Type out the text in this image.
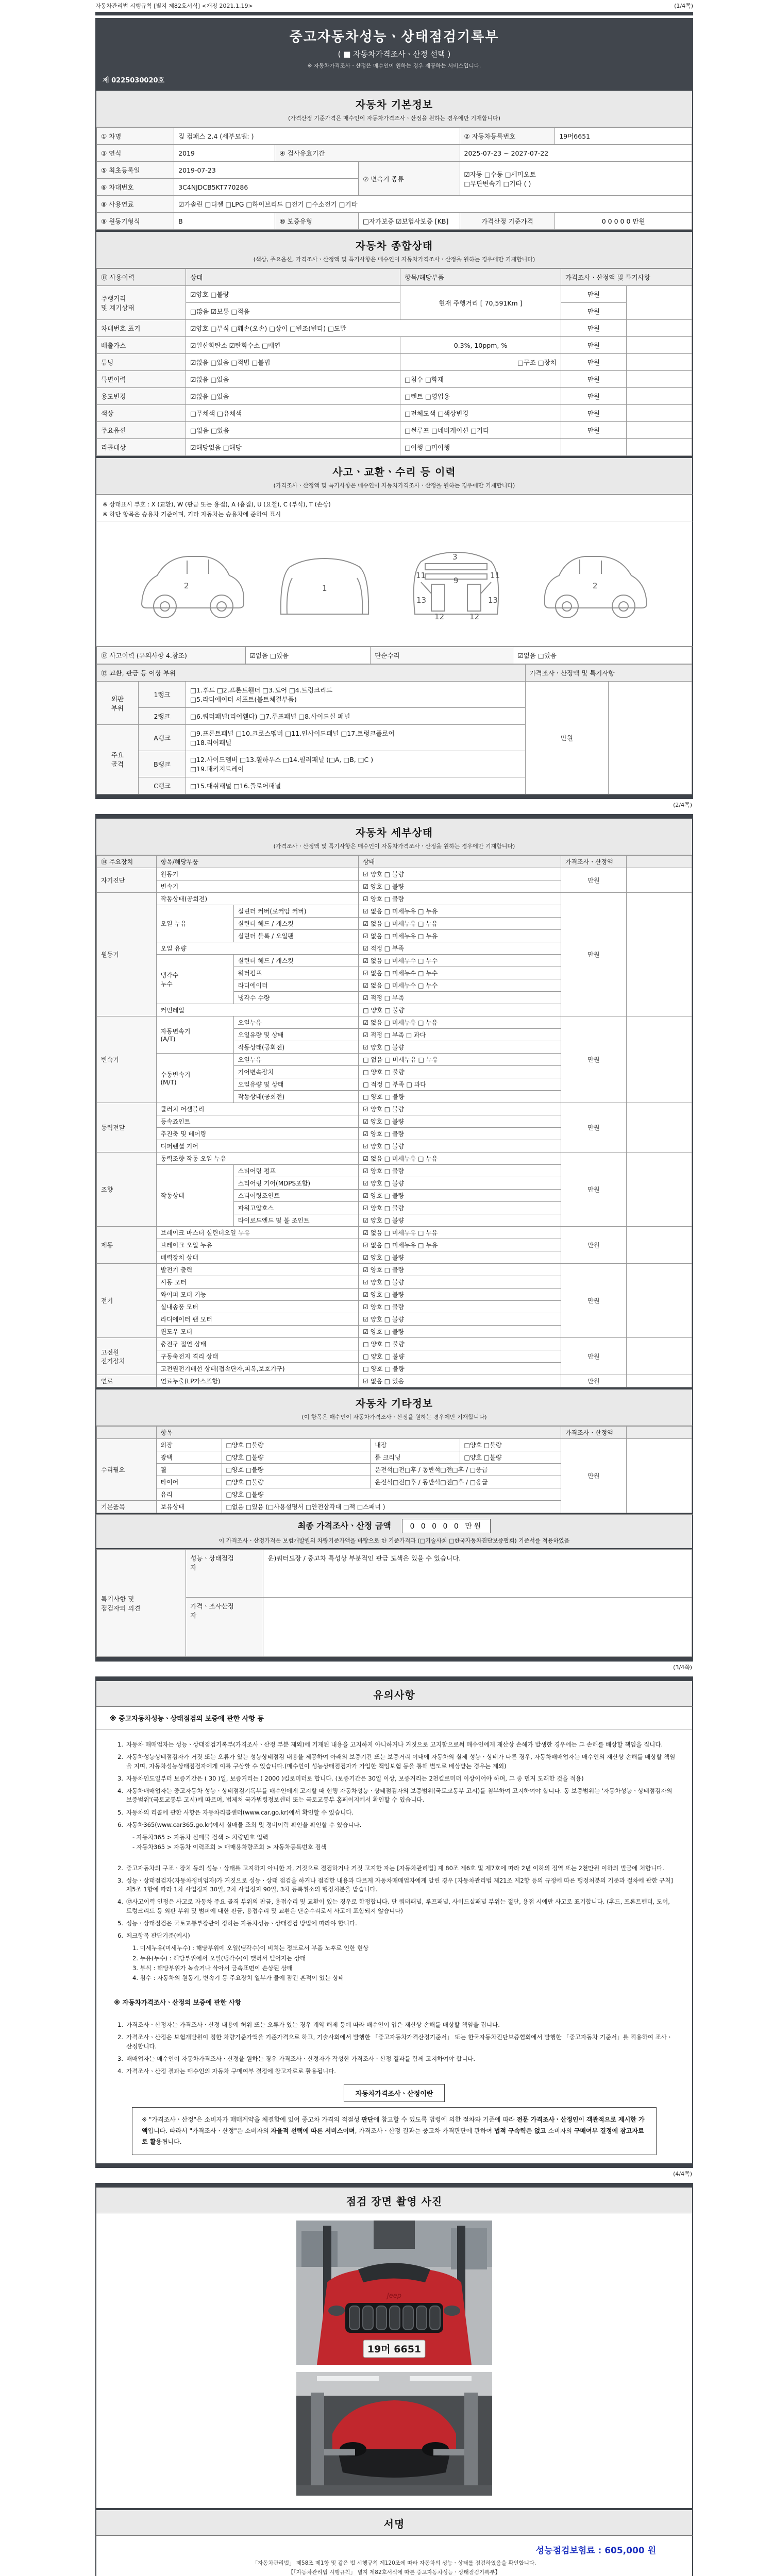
자동차관리법 시행규칙 [별지 제82호서식] <개정 2021.1.19>	(1/4쪽)
중고자동차성능ㆍ상태점검기록부
( ■ 자동차가격조사ㆍ산정 선택 )
※ 자동차가격조사ㆍ산정은 매수인이 원하는 경우 제공하는 서비스입니다.
제 0225030020호
자동차 기본정보
(가격산정 기준가격은 매수인이 자동차가격조사ㆍ산정을 원하는 경우에만 기재합니다)
① 차명	짚 컴패스 2.4 (세부모델: )			② 자동차등록번호	19머6651
③ 연식	2019	④ 검사유효기간		2025-07-23 ~ 2027-07-22	
⑤ 최초등록일	2019-07-23		⑦ 변속기 종류	☑자동 □수동 □세미오토
□무단변속기 □기타 ( )	
⑥ 차대번호	3C4NJDCB5KT770286				
⑧ 사용연료	☑가솔린 □디젤 □LPG □하이브리드 □전기 □수소전기 □기타				
⑨ 원동기형식	B	⑩ 보증유형	□자가보증 ☑보험사보증 [KB]	가격산정 기준가격	0 0 0 0 0 만원
자동차 종합상태
(색상, 주요옵션, 가격조사ㆍ산정액 및 특기사항은 매수인이 자동차가격조사ㆍ산정을 원하는 경우에만 기재합니다)
⑪ 사용이력	상태	항목/해당부품	가격조사ㆍ산정액 및 특기사항	
주행거리
및 계기상태	☑양호 □불량	현재 주행거리 [ 70,591Km ]	만원	
	□많음 ☑보통 □적음		만원	
차대번호 표기	☑양호 □부식 □훼손(오손) □상이 □변조(변타) □도말		만원	
배출가스	☑일산화탄소 ☑탄화수소 □매연	0.3%, 10ppm, %	만원	
튜닝	☑없음 □있음 □적법 □불법	□구조 □장치	만원	
특별이력	☑없음 □있음	□침수 □화재	만원	
용도변경	☑없음 □있음	□렌트 □영업용	만원	
색상	□무채색 □유채색	□전체도색 □색상변경	만원	
주요옵션	□없음 □있음	□썬루프 □네비게이션 □기타	만원	
리콜대상	☑해당없음 □해당	□이행 □미이행		
사고ㆍ교환ㆍ수리 등 이력
(가격조사ㆍ산정액 및 특기사항은 매수인이 자동차가격조사ㆍ산정을 원하는 경우에만 기재합니다)
※ 상태표시 부호 : X (교환), W (판금 또는 용접), A (흠집), U (요철), C (부식), T (손상)
※ 하단 항목은 승용차 기준이며, 기타 자동차는 승용차에 준하여 표시
2	1
11	11
9
13	13
12	12
2
3
⑫ 사고이력 (유의사항 4.참조)	☑없음 □있음	단순수리	☑없음 □있음
⑬ 교환, 판금 등 이상 부위			가격조사ㆍ산정액 및 특기사항	
외판
부위	1랭크	□1.후드 □2.프론트휀더 □3.도어 □4.트렁크리드
□5.라디에이터 서포트(볼트체결부품)	만원	
	2랭크	□6.쿼터패널(리어휀다) □7.루프패널 □8.사이드실 패널		
주요
골격	A랭크	□9.프론트패널 □10.크로스멤버 □11.인사이드패널 □17.트렁크플로어
□18.리어패널		
	B랭크	□12.사이드멤버 □13.휠하우스 □14.필러패널 (□A, □B, □C )
□19.패키지트레이		
	C랭크	□15.대쉬패널 □16.플로어패널		
(2/4쪽)
자동차 세부상태
(가격조사ㆍ산정액 및 특기사항은 매수인이 자동차가격조사ㆍ산정을 원하는 경우에만 기재합니다)
⑭ 주요장치	항목/해당부품		상태	가격조사ㆍ산정액	
자기진단	원동기		☑ 양호 □ 불량	만원	
	변속기		☑ 양호 □ 불량		
원동기	작동상태(공회전)		☑ 양호 □ 불량	만원	
	오일 누유	실린더 커버(로커암 커버)	☑ 없음 □ 미세누유 □ 누유		
		실린더 헤드 / 개스킷	☑ 없음 □ 미세누유 □ 누유		
		실린더 블록 / 오일팬	☑ 없음 □ 미세누유 □ 누유		
	오일 유량		☑ 적정 □ 부족		
	냉각수
누수	실린더 헤드 / 개스킷	☑ 없음 □ 미세누수 □ 누수		
		워터펌프	☑ 없음 □ 미세누수 □ 누수		
		라디에이터	☑ 없음 □ 미세누수 □ 누수		
		냉각수 수량	☑ 적정 □ 부족		
	커먼레일		□ 양호 □ 불량		
변속기	자동변속기
(A/T)	오일누유	☑ 없음 □ 미세누유 □ 누유	만원	
		오일유량 및 상태	☑ 적정 □ 부족 □ 과다		
		작동상태(공회전)	☑ 양호 □ 불량		
	수동변속기
(M/T)	오일누유	□ 없음 □ 미세누유 □ 누유		
		기어변속장치	□ 양호 □ 불량		
		오일유량 및 상태	□ 적정 □ 부족 □ 과다		
		작동상태(공회전)	□ 양호 □ 불량		
동력전달	클러치 어셈블리		☑ 양호 □ 불량	만원	
	등속죠인트		☑ 양호 □ 불량		
	추진축 및 베어링		☑ 양호 □ 불량		
	디퍼렌셜 기어		☑ 양호 □ 불량		
조향	동력조향 작동 오일 누유		☑ 없음 □ 미세누유 □ 누유	만원	
	작동상태	스티어링 펌프	☑ 양호 □ 불량		
		스티어링 기어(MDPS포함)	☑ 양호 □ 불량		
		스티어링조인트	☑ 양호 □ 불량		
		파워고압호스	☑ 양호 □ 불량		
		타이로드엔드 및 볼 조인트	☑ 양호 □ 불량		
제동	브레이크 마스터 실린더오일 누유		☑ 없음 □ 미세누유 □ 누유	만원	
	브레이크 오일 누유		☑ 없음 □ 미세누유 □ 누유		
	배력장치 상태		☑ 양호 □ 불량		
전기	발전기 출력		☑ 양호 □ 불량	만원	
	시동 모터		☑ 양호 □ 불량		
	와이퍼 모터 기능		☑ 양호 □ 불량		
	실내송풍 모터		☑ 양호 □ 불량		
	라디에이터 팬 모터		☑ 양호 □ 불량		
	윈도우 모터		☑ 양호 □ 불량		
고전원
전기장치	충전구 절연 상태		□ 양호 □ 불량	만원	
	구동축전지 격리 상태		□ 양호 □ 불량		
	고전원전기배선 상태(접속단자,피복,보호기구)		□ 양호 □ 불량		
연료	연료누출(LP가스포함)		☑ 없음 □ 있음	만원	
자동차 기타정보
(이 항목은 매수인이 자동차가격조사ㆍ산정을 원하는 경우에만 기재합니다)
	항목				가격조사ㆍ산정액	
수리필요	외장	□양호 □불량	내장	□양호 □불량	만원	
	광택	□양호 □불량	룸 크리닝	□양호 □불량		
	휠	□양호 □불량	운전석□전□후 / 동반석□전□후 / □응급			
	타이어	□양호 □불량	운전석□전□후 / 동반석□전□후 / □응급			
	유리	□양호 □불량				
기본품목	보유상태	□없음 □있음 (□사용설명서 □안전삼각대 □잭 □스패너 )				
최종 가격조사ㆍ산정 금액	0 0 0 0 0 만원
이 가격조사ㆍ산정가격은 보험개발원의 차량기준가액을 바탕으로 한 기준가격과 (□기술사회 □한국자동차진단보증협회) 기준서를 적용하였음
특기사항 및
점검자의 의견	성능ㆍ상태점검
자	운)쿼터도장 / 중고차 특성상 부분적인 판금 도색은 있을 수 있습니다.
	가격ㆍ조사산정
자	
(3/4쪽)
유의사항
※ 중고자동차성능ㆍ상태점검의 보증에 관한 사항 등
1. 자동차 매매업자는 성능ㆍ상태점검기록부(가격조사ㆍ산정 부분 제외)에 기재된 내용을 고지하지 아니하거나 거짓으로 고지함으로써 매수인에게 재산상 손해가 발생한 경우에는 그 손해를 배상할 책임을 집니다.
2. 자동차성능상태점검자가 거짓 또는 오류가 있는 성능상태점검 내용을 제공하여 아래의 보증기간 또는 보증거리 이내에 자동차의 실제 성능ㆍ상태가 다른 경우, 자동차매매업자는 매수인의 재산상 손해를 배상할 책임을 지며, 자동차성능상태점검자에게 이를 구상할 수 있습니다.(매수인이 성능상태점검자가 가입한 책임보험 등을 통해 별도로 배상받는 경우는 제외)
3. 자동차인도일부터 보증기간은 ( 30 )일, 보증거리는 ( 2000 )킬로미터로 합니다. (보증기간은 30일 이상, 보증거리는 2천킬로미터 이상이어야 하며, 그 중 먼저 도래한 것을 적용)
4. 자동차매매업자는 중고자동차 성능ㆍ상태점검기록부를 매수인에게 고지할 때 현행 자동차성능ㆍ상태점검자의 보증범위(국토교통부 고시)를 첨부하여 고지하여야 합니다. 동 보증범위는 '자동차성능ㆍ상태점검자의 보증범위'(국토교통부 고시)에 따르며, 법제처 국가법령정보센터 또는 국토교통부 홈페이지에서 확인할 수 있습니다.
5. 자동차의 리콜에 관한 사항은 자동차리콜센터(www.car.go.kr)에서 확인할 수 있습니다.
6. 자동차365(www.car365.go.kr)에서 실매물 조회 및 정비이력 확인을 확인할 수 있습니다.
- 자동차365 > 자동차 실매물 검색 > 차량번호 입력
- 자동차365 > 자동차 이력조회 > 매매용차량조회 > 자동차등록번호 검색
2. 중고자동차의 구조ㆍ장치 등의 성능ㆍ상태를 고지하지 아니한 자, 거짓으로 점검하거나 거짓 고지한 자는 [자동차관리법] 제 80조 제6호 및 제7호에 따라 2년 이하의 징역 또는 2천만원 이하의 벌금에 처합니다.
3. 성능ㆍ상태점검자(자동차정비업자)가 거짓으로 성능ㆍ상태 점검을 하거나 점검한 내용과 다르게 자동차매매업자에게 알린 경우 [자동차관리법 제21조 제2항 등의 규정에 따른 행정처분의 기준과 절차에 관한 규칙] 제5조 1항에 따라 1차 사업정지 30일, 2차 사업정지 90일, 3차 등록취소의 행정처분을 받습니다.
4. ⑫사고이력 인정은 사고로 자동차 주요 골격 부위의 판금, 용접수리 및 교환이 있는 경우로 한정합니다. 단 쿼터패널, 루프패널, 사이드실패널 부위는 절단, 용접 시에만 사고로 표기합니다. (후드, 프론트펜더, 도어, 트렁크리드 등 외판 부위 및 범퍼에 대한 판금, 용접수리 및 교환은 단순수리로서 사고에 포함되지 않습니다)
5. 성능ㆍ상태점검은 국토교통부장관이 정하는 자동차성능ㆍ상태점검 방법에 따라야 합니다.
6. 체크항목 판단기준(예시)
1. 미세누유(미세누수) : 해당부위에 오일(냉각수)이 비치는 정도로서 부품 노후로 인한 현상
2. 누유(누수) : 해당부위에서 오일(냉각수)이 맺혀서 떨어지는 상태
3. 부식 : 해당부위가 녹슬거나 삭아서 금속표면이 손상된 상태
4. 침수 : 자동차의 원동기, 변속기 등 주요장치 일부가 물에 잠긴 흔적이 있는 상태
※ 자동차가격조사ㆍ산정의 보증에 관한 사항
1. 가격조사ㆍ산정자는 가격조사ㆍ산정 내용에 허위 또는 오류가 있는 경우 계약 해제 등에 따라 매수인이 입은 재산상 손해를 배상할 책임을 집니다.
2. 가격조사ㆍ산정은 보험개발원이 정한 차량기준가액을 기준가격으로 하고, 기술사회에서 발행한 「중고자동차가격산정기준서」 또는 한국자동차진단보증협회에서 발행한 「중고자동차 기준서」를 적용하여 조사ㆍ산정합니다.
3. 매매업자는 매수인이 자동차가격조사ㆍ산정을 원하는 경우 가격조사ㆍ산정자가 작성한 가격조사ㆍ산정 결과를 함께 고지하여야 합니다.
4. 가격조사ㆍ산정 결과는 매수인의 자동차 구매여부 결정에 참고자료로 활용됩니다.
자동차가격조사ㆍ산정이란
※ "가격조사ㆍ산정"은 소비자가 매매계약을 체결함에 있어 중고차 가격의 적절성 판단에 참고할 수 있도록 법령에 의한 절차와 기준에 따라 전문 가격조사ㆍ산정인이 객관적으로 제시한 가액입니다. 따라서 "가격조사ㆍ산정"은 소비자의 자율적 선택에 따른 서비스이며, 가격조사ㆍ산정 결과는 중고차 가격판단에 관하여 법적 구속력은 없고 소비자의 구매여부 결정에 참고자료로 활용됩니다.
(4/4쪽)
점검 장면 촬영 사진
Jeep
19머 6651
서명
성능점검보험료 : 605,000 원
「자동차관리법」 제58조 제1항 및 같은 법 시행규칙 제120조에 따라 자동차의 성능ㆍ상태를 점검하였음을 확인합니다.
【「자동차관리법 시행규칙」 별지 제82호서식에 따른 중고자동차성능ㆍ상태점검기록부】
